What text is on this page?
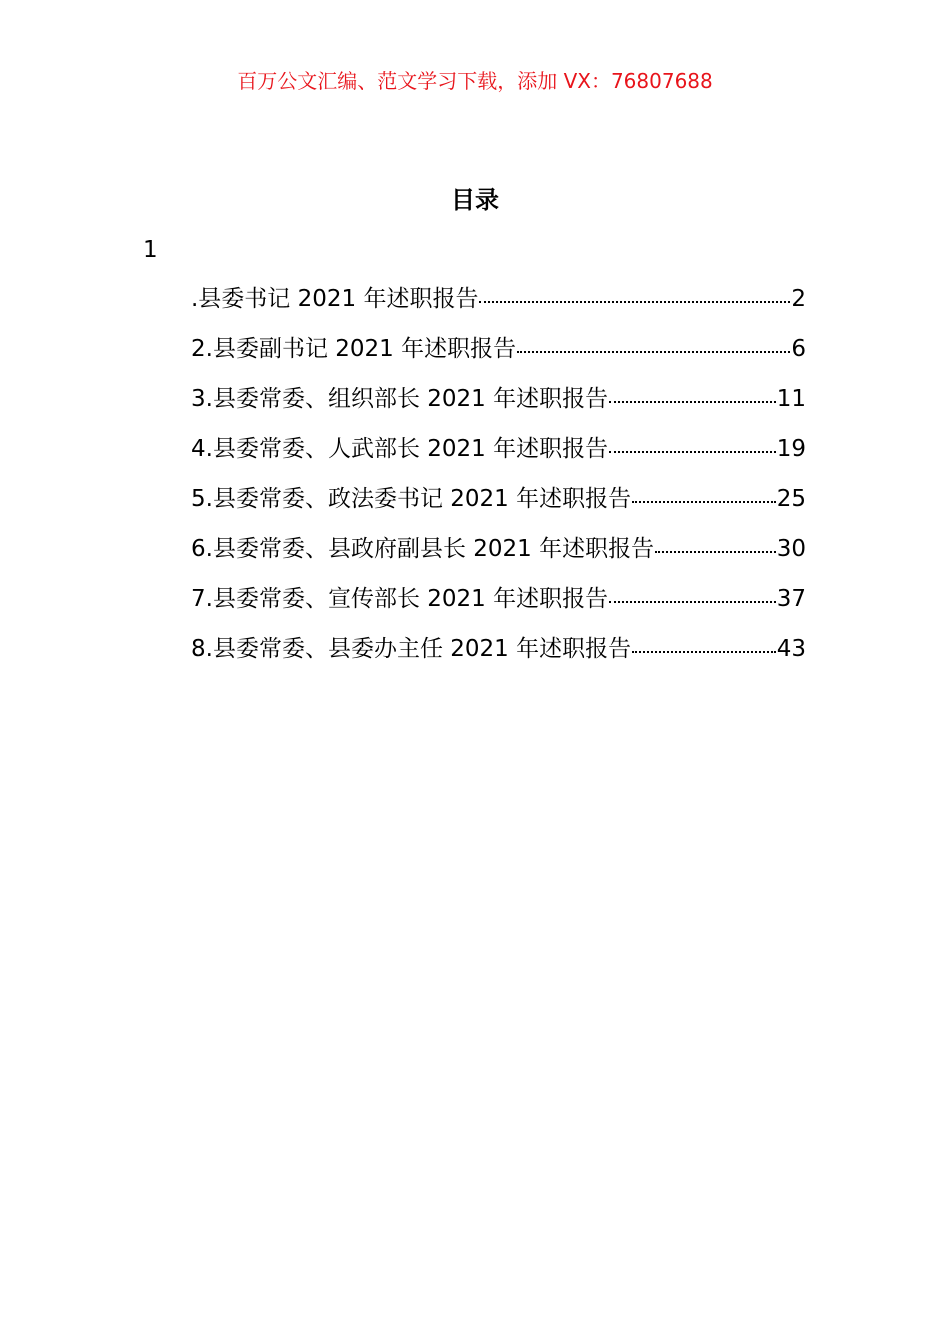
百万公文汇编、范文学习下载，添加 VX：76807688
目录
1
.县委书记 2021 年述职报告	2
2.县委副书记 2021 年述职报告	6
3.县委常委、组织部长 2021 年述职报告	11
4.县委常委、人武部长 2021 年述职报告	19
5.县委常委、政法委书记 2021 年述职报告	25
6.县委常委、县政府副县长 2021 年述职报告	30
7.县委常委、宣传部长 2021 年述职报告	37
8.县委常委、县委办主任 2021 年述职报告	43
